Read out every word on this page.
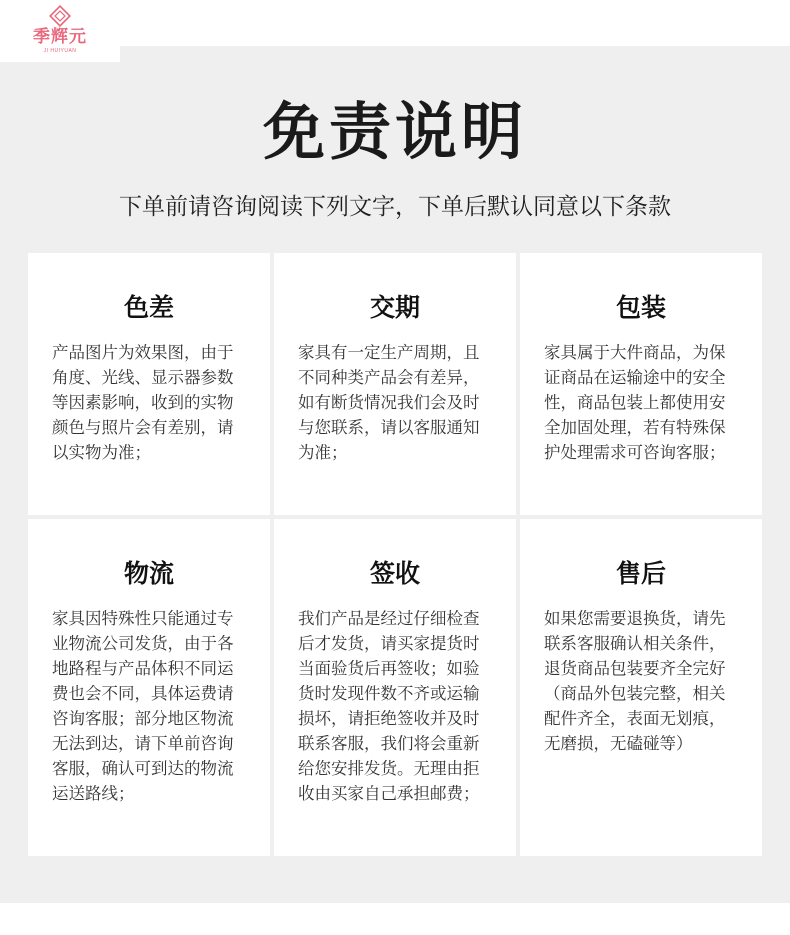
季辉元
JI HUIYUAN
免责说明
下单前请咨询阅读下列文字，下单后默认同意以下条款
色差
产品图片为效果图，由于角度、光线、显示器参数等因素影响，收到的实物颜色与照片会有差别，请以实物为准；
交期
家具有一定生产周期，且不同种类产品会有差异，如有断货情况我们会及时与您联系，请以客服通知为准；
包装
家具属于大件商品，为保证商品在运输途中的安全性，商品包装上都使用安全加固处理，若有特殊保护处理需求可咨询客服；
物流
家具因特殊性只能通过专业物流公司发货，由于各地路程与产品体积不同运费也会不同，具体运费请咨询客服；部分地区物流无法到达，请下单前咨询客服，确认可到达的物流运送路线；
签收
我们产品是经过仔细检查后才发货，请买家提货时当面验货后再签收；如验货时发现件数不齐或运输损坏，请拒绝签收并及时联系客服，我们将会重新给您安排发货。无理由拒收由买家自己承担邮费；
售后
如果您需要退换货，请先联系客服确认相关条件，退货商品包装要齐全完好（商品外包装完整，相关配件齐全，表面无划痕，无磨损，无磕碰等）
